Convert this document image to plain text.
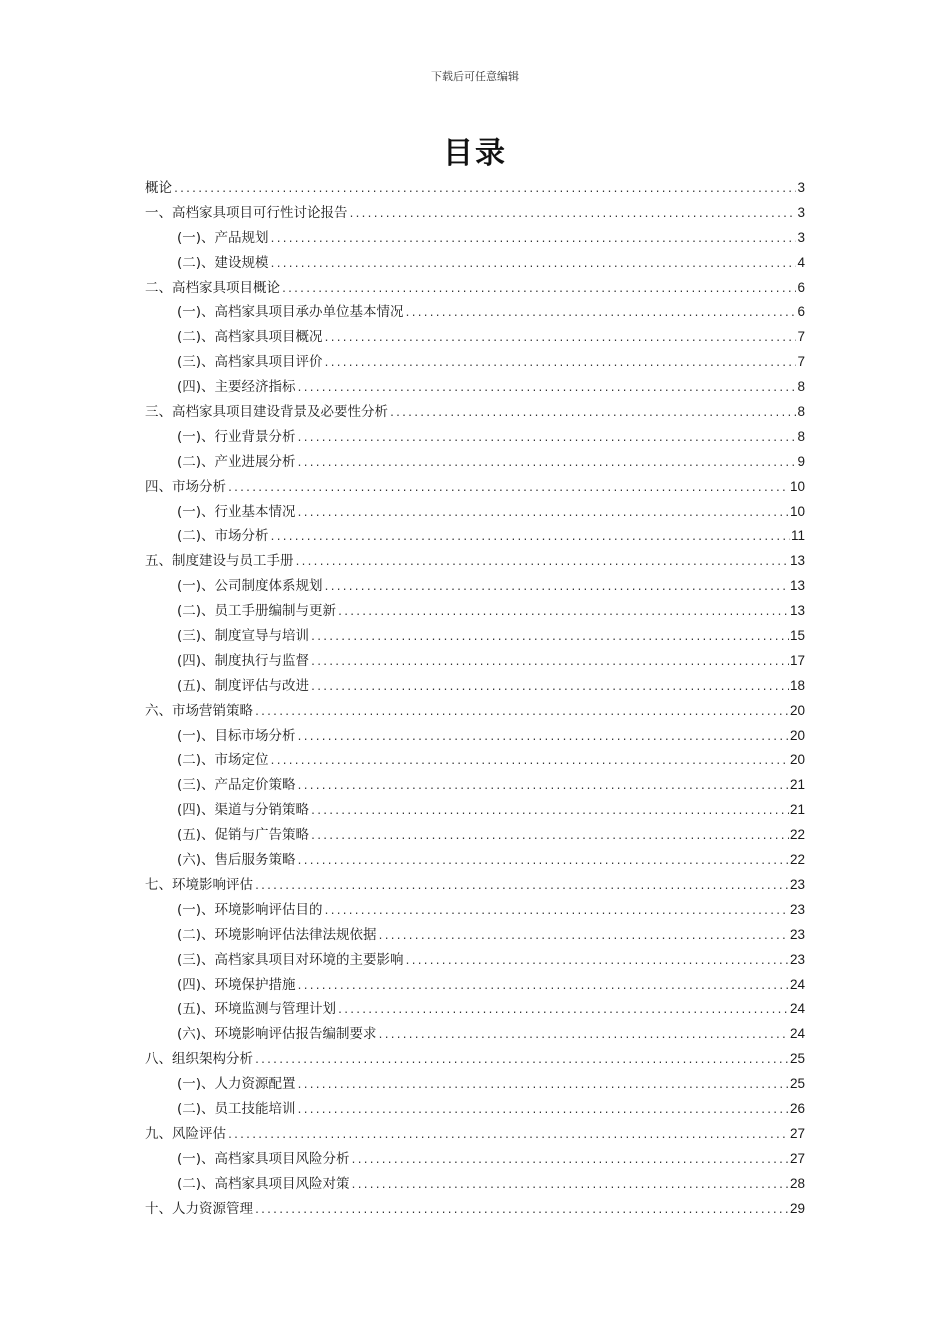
下载后可任意编辑
目录
概论 .....	3
一、高档家具项目可行性讨论报告 .....	3
(一)、产品规划 .....	3
(二)、建设规模 .....	4
二、高档家具项目概论 .....	6
(一)、高档家具项目承办单位基本情况 .....	6
(二)、高档家具项目概况 .....	7
(三)、高档家具项目评价 .....	7
(四)、主要经济指标 .....	8
三、高档家具项目建设背景及必要性分析 .....	8
(一)、行业背景分析 .....	8
(二)、产业进展分析 .....	9
四、市场分析 .....	10
(一)、行业基本情况 .....	10
(二)、市场分析 .....	11
五、制度建设与员工手册 .....	13
(一)、公司制度体系规划 .....	13
(二)、员工手册编制与更新 .....	13
(三)、制度宣导与培训 .....	15
(四)、制度执行与监督 .....	17
(五)、制度评估与改进 .....	18
六、市场营销策略 .....	20
(一)、目标市场分析 .....	20
(二)、市场定位 .....	20
(三)、产品定价策略 .....	21
(四)、渠道与分销策略 .....	21
(五)、促销与广告策略 .....	22
(六)、售后服务策略 .....	22
七、环境影响评估 .....	23
(一)、环境影响评估目的 .....	23
(二)、环境影响评估法律法规依据 .....	23
(三)、高档家具项目对环境的主要影响 .....	23
(四)、环境保护措施 .....	24
(五)、环境监测与管理计划 .....	24
(六)、环境影响评估报告编制要求 .....	24
八、组织架构分析 .....	25
(一)、人力资源配置 .....	25
(二)、员工技能培训 .....	26
九、风险评估 .....	27
(一)、高档家具项目风险分析 .....	27
(二)、高档家具项目风险对策 .....	28
十、人力资源管理 .....	29
